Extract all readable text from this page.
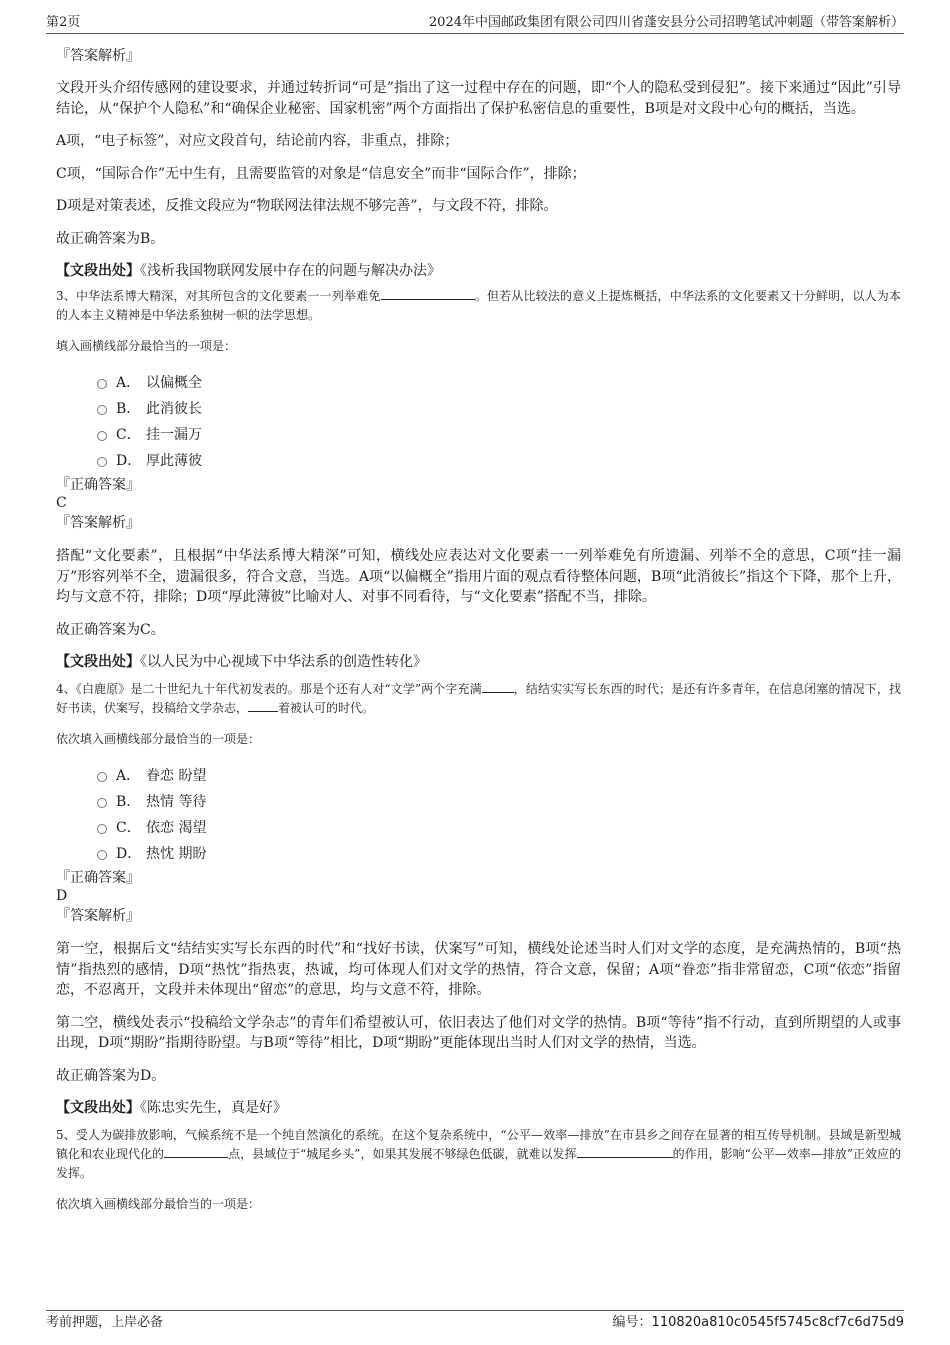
第2页	2024年中国邮政集团有限公司四川省蓬安县分公司招聘笔试冲刺题（带答案解析）

『答案解析』

文段开头介绍传感网的建设要求，并通过转折词“可是”指出了这一过程中存在的问题，即“个人的隐私受到侵犯”。接下来通过“因此”引导结论，从“保护个人隐私”和“确保企业秘密、国家机密”两个方面指出了保护私密信息的重要性，B项是对文段中心句的概括，当选。

A项，“电子标签”，对应文段首句，结论前内容，非重点，排除；

C项，“国际合作”无中生有，且需要监管的对象是“信息安全”而非“国际合作”，排除；

D项是对策表述，反推文段应为“物联网法律法规不够完善”，与文段不符，排除。

故正确答案为B。

【文段出处】《浅析我国物联网发展中存在的问题与解决办法》

3、中华法系博大精深，对其所包含的文化要素一一列举难免	。但若从比较法的意义上提炼概括，中华法系的文化要素又十分鲜明，以人为本的人本主义精神是中华法系独树一帜的法学思想。

填入画横线部分最恰当的一项是：

A． 以偏概全
B． 此消彼长
C． 挂一漏万
D． 厚此薄彼

『正确答案』

C

『答案解析』

搭配“文化要素”，且根据“中华法系博大精深”可知，横线处应表达对文化要素一一列举难免有所遗漏、列举不全的意思，C项“挂一漏万”形容列举不全，遗漏很多，符合文意，当选。A项“以偏概全”指用片面的观点看待整体问题，B项“此消彼长”指这个下降，那个上升，均与文意不符，排除；D项“厚此薄彼”比喻对人、对事不同看待，与“文化要素”搭配不当，排除。

故正确答案为C。

【文段出处】《以人民为中心视域下中华法系的创造性转化》

4、《白鹿原》是二十世纪九十年代初发表的。那是个还有人对“文学”两个字充满	，结结实实写长东西的时代；是还有许多青年，在信息闭塞的情况下，找好书读，伏案写，投稿给文学杂志，	着被认可的时代。

依次填入画横线部分最恰当的一项是：

A． 眷恋 盼望
B． 热情 等待
C． 依恋 渴望
D． 热忱 期盼

『正确答案』

D

『答案解析』

第一空，根据后文“结结实实写长东西的时代”和“找好书读，伏案写”可知，横线处论述当时人们对文学的态度，是充满热情的，B项“热情”指热烈的感情，D项“热忱”指热衷，热诚，均可体现人们对文学的热情，符合文意，保留；A项“眷恋”指非常留恋，C项“依恋”指留恋，不忍离开，文段并未体现出“留恋”的意思，均与文意不符，排除。

第二空，横线处表示“投稿给文学杂志”的青年们希望被认可，依旧表达了他们对文学的热情。B项“等待”指不行动，直到所期望的人或事出现，D项“期盼”指期待盼望。与B项“等待”相比，D项“期盼”更能体现出当时人们对文学的热情，当选。

故正确答案为D。

【文段出处】《陈忠实先生，真是好》

5、受人为碳排放影响，气候系统不是一个纯自然演化的系统。在这个复杂系统中，“公平—效率—排放”在市县乡之间存在显著的相互传导机制。县域是新型城镇化和农业现代化的	点，县域位于“城尾乡头”，如果其发展不够绿色低碳，就难以发挥	的作用，影响“公平—效率—排放”正效应的发挥。

依次填入画横线部分最恰当的一项是：

考前押题，上岸必备	编号：110820a810c0545f5745c8cf7c6d75d9
